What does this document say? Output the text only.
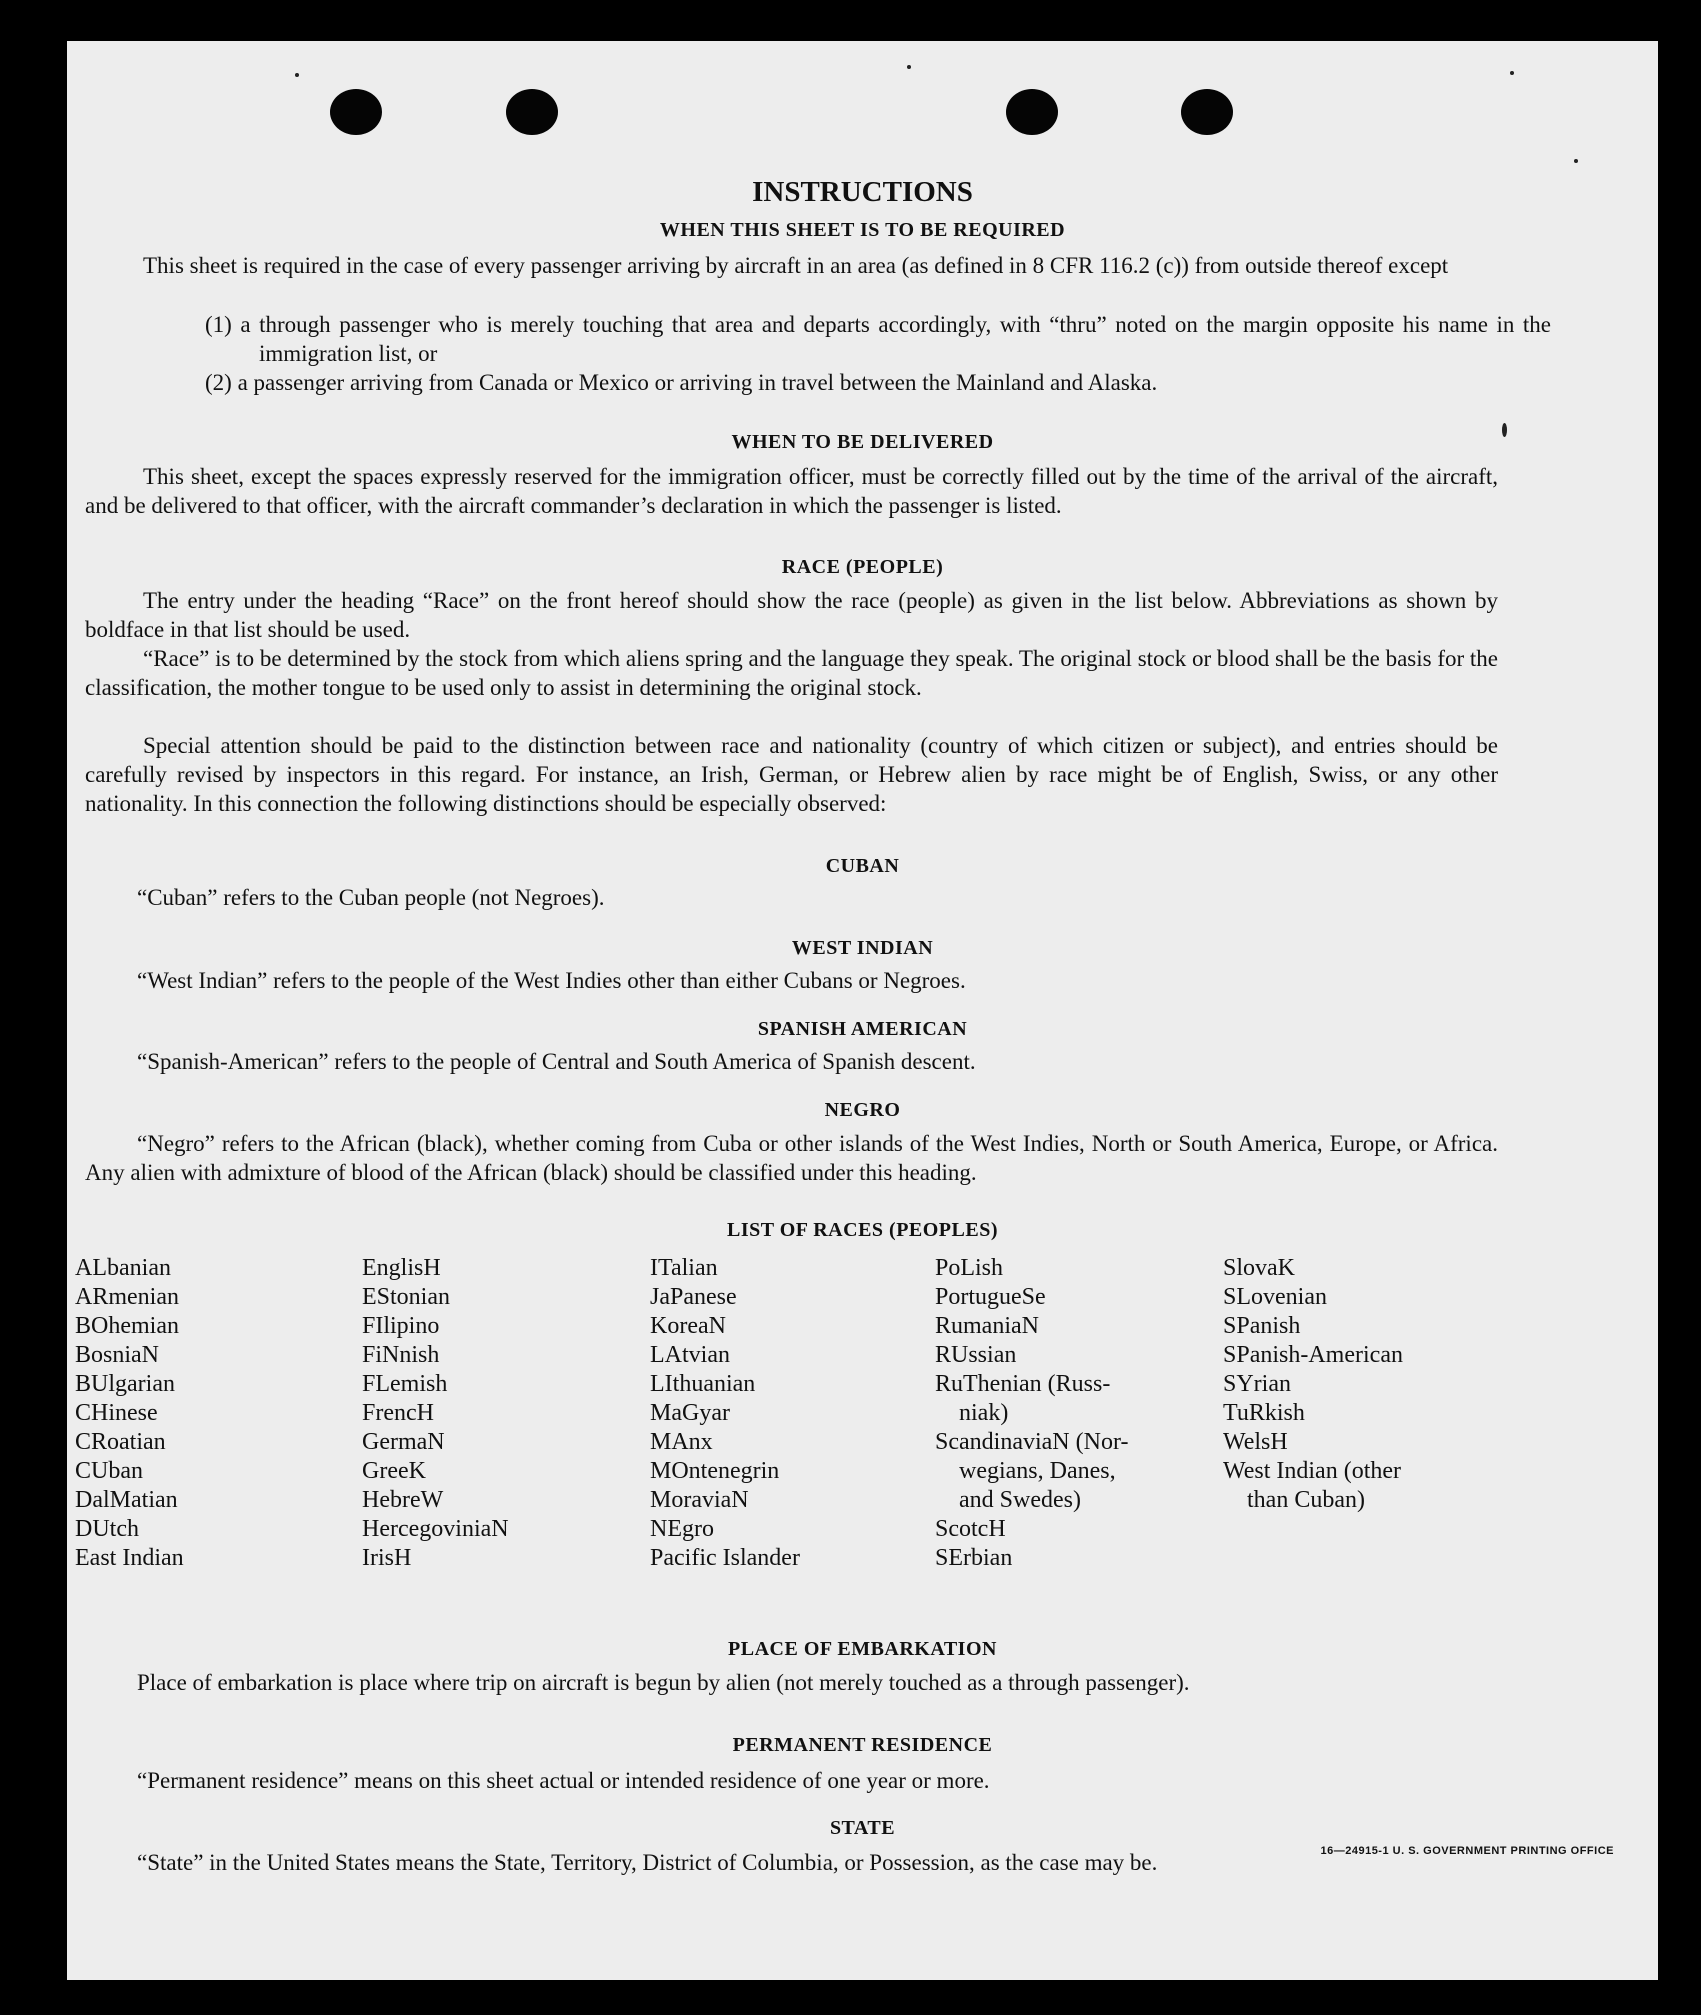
INSTRUCTIONS
WHEN THIS SHEET IS TO BE REQUIRED
This sheet is required in the case of every passenger arriving by aircraft in an area (as defined in 8 CFR 116.2 (c)) from outside thereof except
(1) a through passenger who is merely touching that area and departs accordingly, with “thru” noted on the margin opposite his name in the immigration list, or
(2) a passenger arriving from Canada or Mexico or arriving in travel between the Mainland and Alaska.
WHEN TO BE DELIVERED
This sheet, except the spaces expressly reserved for the immigration officer, must be correctly filled out by the time of the arrival of the aircraft, and be delivered to that officer, with the aircraft commander’s declaration in which the passenger is listed.
RACE (PEOPLE)
The entry under the heading “Race” on the front hereof should show the race (people) as given in the list below. Abbreviations as shown by boldface in that list should be used.
“Race” is to be determined by the stock from which aliens spring and the language they speak. The original stock or blood shall be the basis for the classification, the mother tongue to be used only to assist in determining the original stock.
Special attention should be paid to the distinction between race and nationality (country of which citizen or subject), and entries should be carefully revised by inspectors in this regard. For instance, an Irish, German, or Hebrew alien by race might be of English, Swiss, or any other nationality. In this connection the following distinctions should be especially observed:
CUBAN
“Cuban” refers to the Cuban people (not Negroes).
WEST INDIAN
“West Indian” refers to the people of the West Indies other than either Cubans or Negroes.
SPANISH AMERICAN
“Spanish-American” refers to the people of Central and South America of Spanish descent.
NEGRO
“Negro” refers to the African (black), whether coming from Cuba or other islands of the West Indies, North or South America, Europe, or Africa. Any alien with admixture of blood of the African (black) should be classified under this heading.
LIST OF RACES (PEOPLES)
ALbanian
ARmenian
BOhemian
BosniaN
BUlgarian
CHinese
CRoatian
CUban
DalMatian
DUtch
East Indian
EnglisH
EStonian
FIlipino
FiNnish
FLemish
FrencH
GermaN
GreeK
HebreW
HercegoviniaN
IrisH
ITalian
JaPanese
KoreaN
LAtvian
LIthuanian
MaGyar
MAnx
MOntenegrin
MoraviaN
NEgro
Pacific Islander
PoLish
PortugueSe
RumaniaN
RUssian
RuThenian (Russ-
niak)
ScandinaviaN (Nor-
wegians, Danes,
and Swedes)
ScotcH
SErbian
SlovaK
SLovenian
SPanish
SPanish-American
SYrian
TuRkish
WelsH
West Indian (other
than Cuban)
PLACE OF EMBARKATION
Place of embarkation is place where trip on aircraft is begun by alien (not merely touched as a through passenger).
PERMANENT RESIDENCE
“Permanent residence” means on this sheet actual or intended residence of one year or more.
STATE
“State” in the United States means the State, Territory, District of Columbia, or Possession, as the case may be.	16—24915-1 U. S. GOVERNMENT PRINTING OFFICE
